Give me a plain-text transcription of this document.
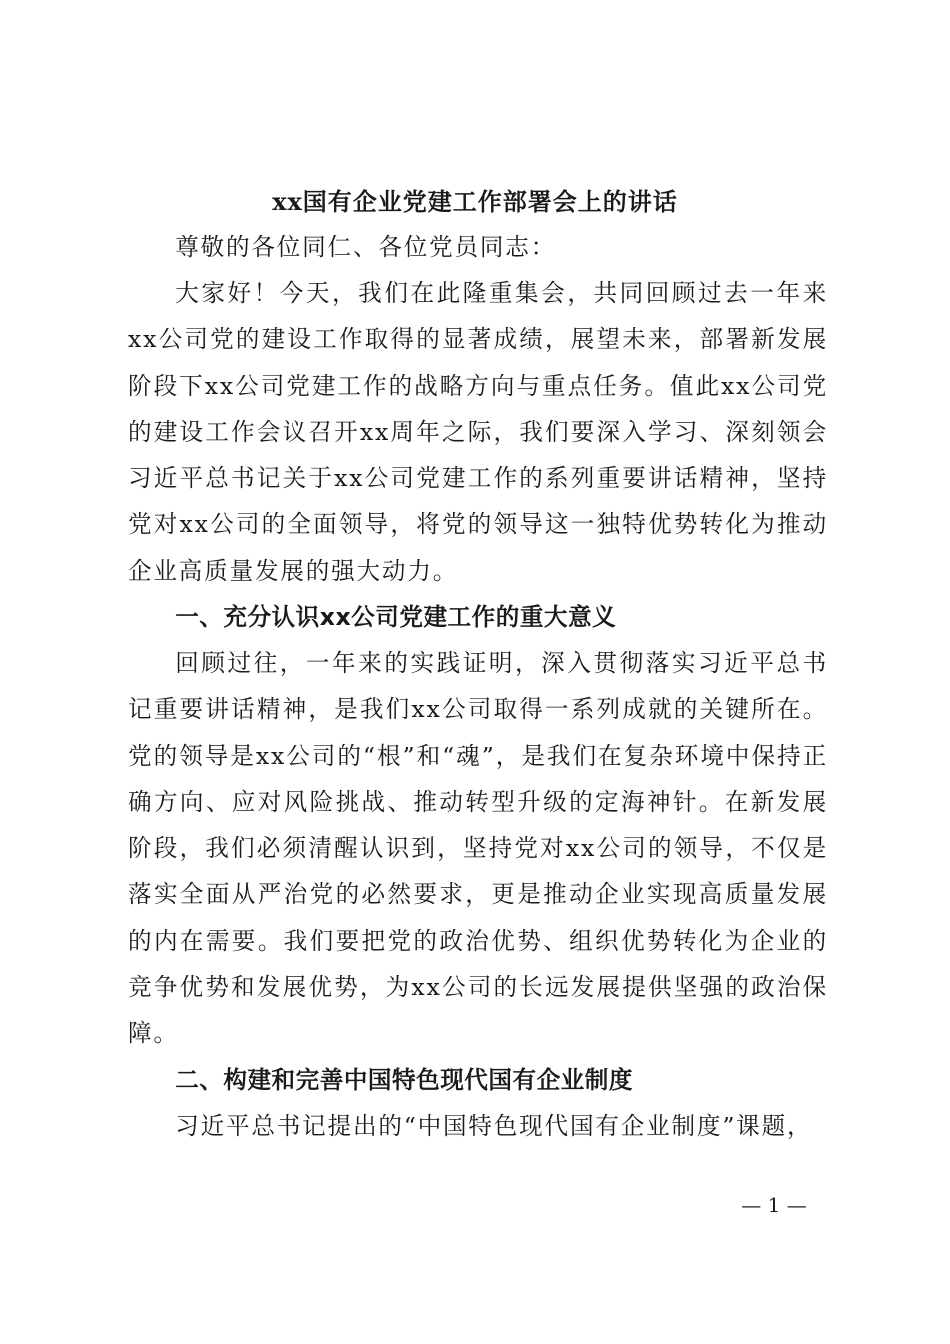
xx国有企业党建工作部署会上的讲话
尊敬的各位同仁、各位党员同志：
大家好！今天，我们在此隆重集会，共同回顾过去一年来xx公司党的建设工作取得的显著成绩，展望未来，部署新发展阶段下xx公司党建工作的战略方向与重点任务。值此xx公司党的建设工作会议召开xx周年之际，我们要深入学习、深刻领会习近平总书记关于xx公司党建工作的系列重要讲话精神，坚持党对xx公司的全面领导，将党的领导这一独特优势转化为推动企业高质量发展的强大动力。
一、充分认识xx公司党建工作的重大意义
回顾过往，一年来的实践证明，深入贯彻落实习近平总书记重要讲话精神，是我们xx公司取得一系列成就的关键所在。党的领导是xx公司的“根”和“魂”，是我们在复杂环境中保持正确方向、应对风险挑战、推动转型升级的定海神针。在新发展阶段，我们必须清醒认识到，坚持党对xx公司的领导，不仅是落实全面从严治党的必然要求，更是推动企业实现高质量发展的内在需要。我们要把党的政治优势、组织优势转化为企业的竞争优势和发展优势，为xx公司的长远发展提供坚强的政治保障。
二、构建和完善中国特色现代国有企业制度
习近平总书记提出的“中国特色现代国有企业制度”课题，
— 1 —
